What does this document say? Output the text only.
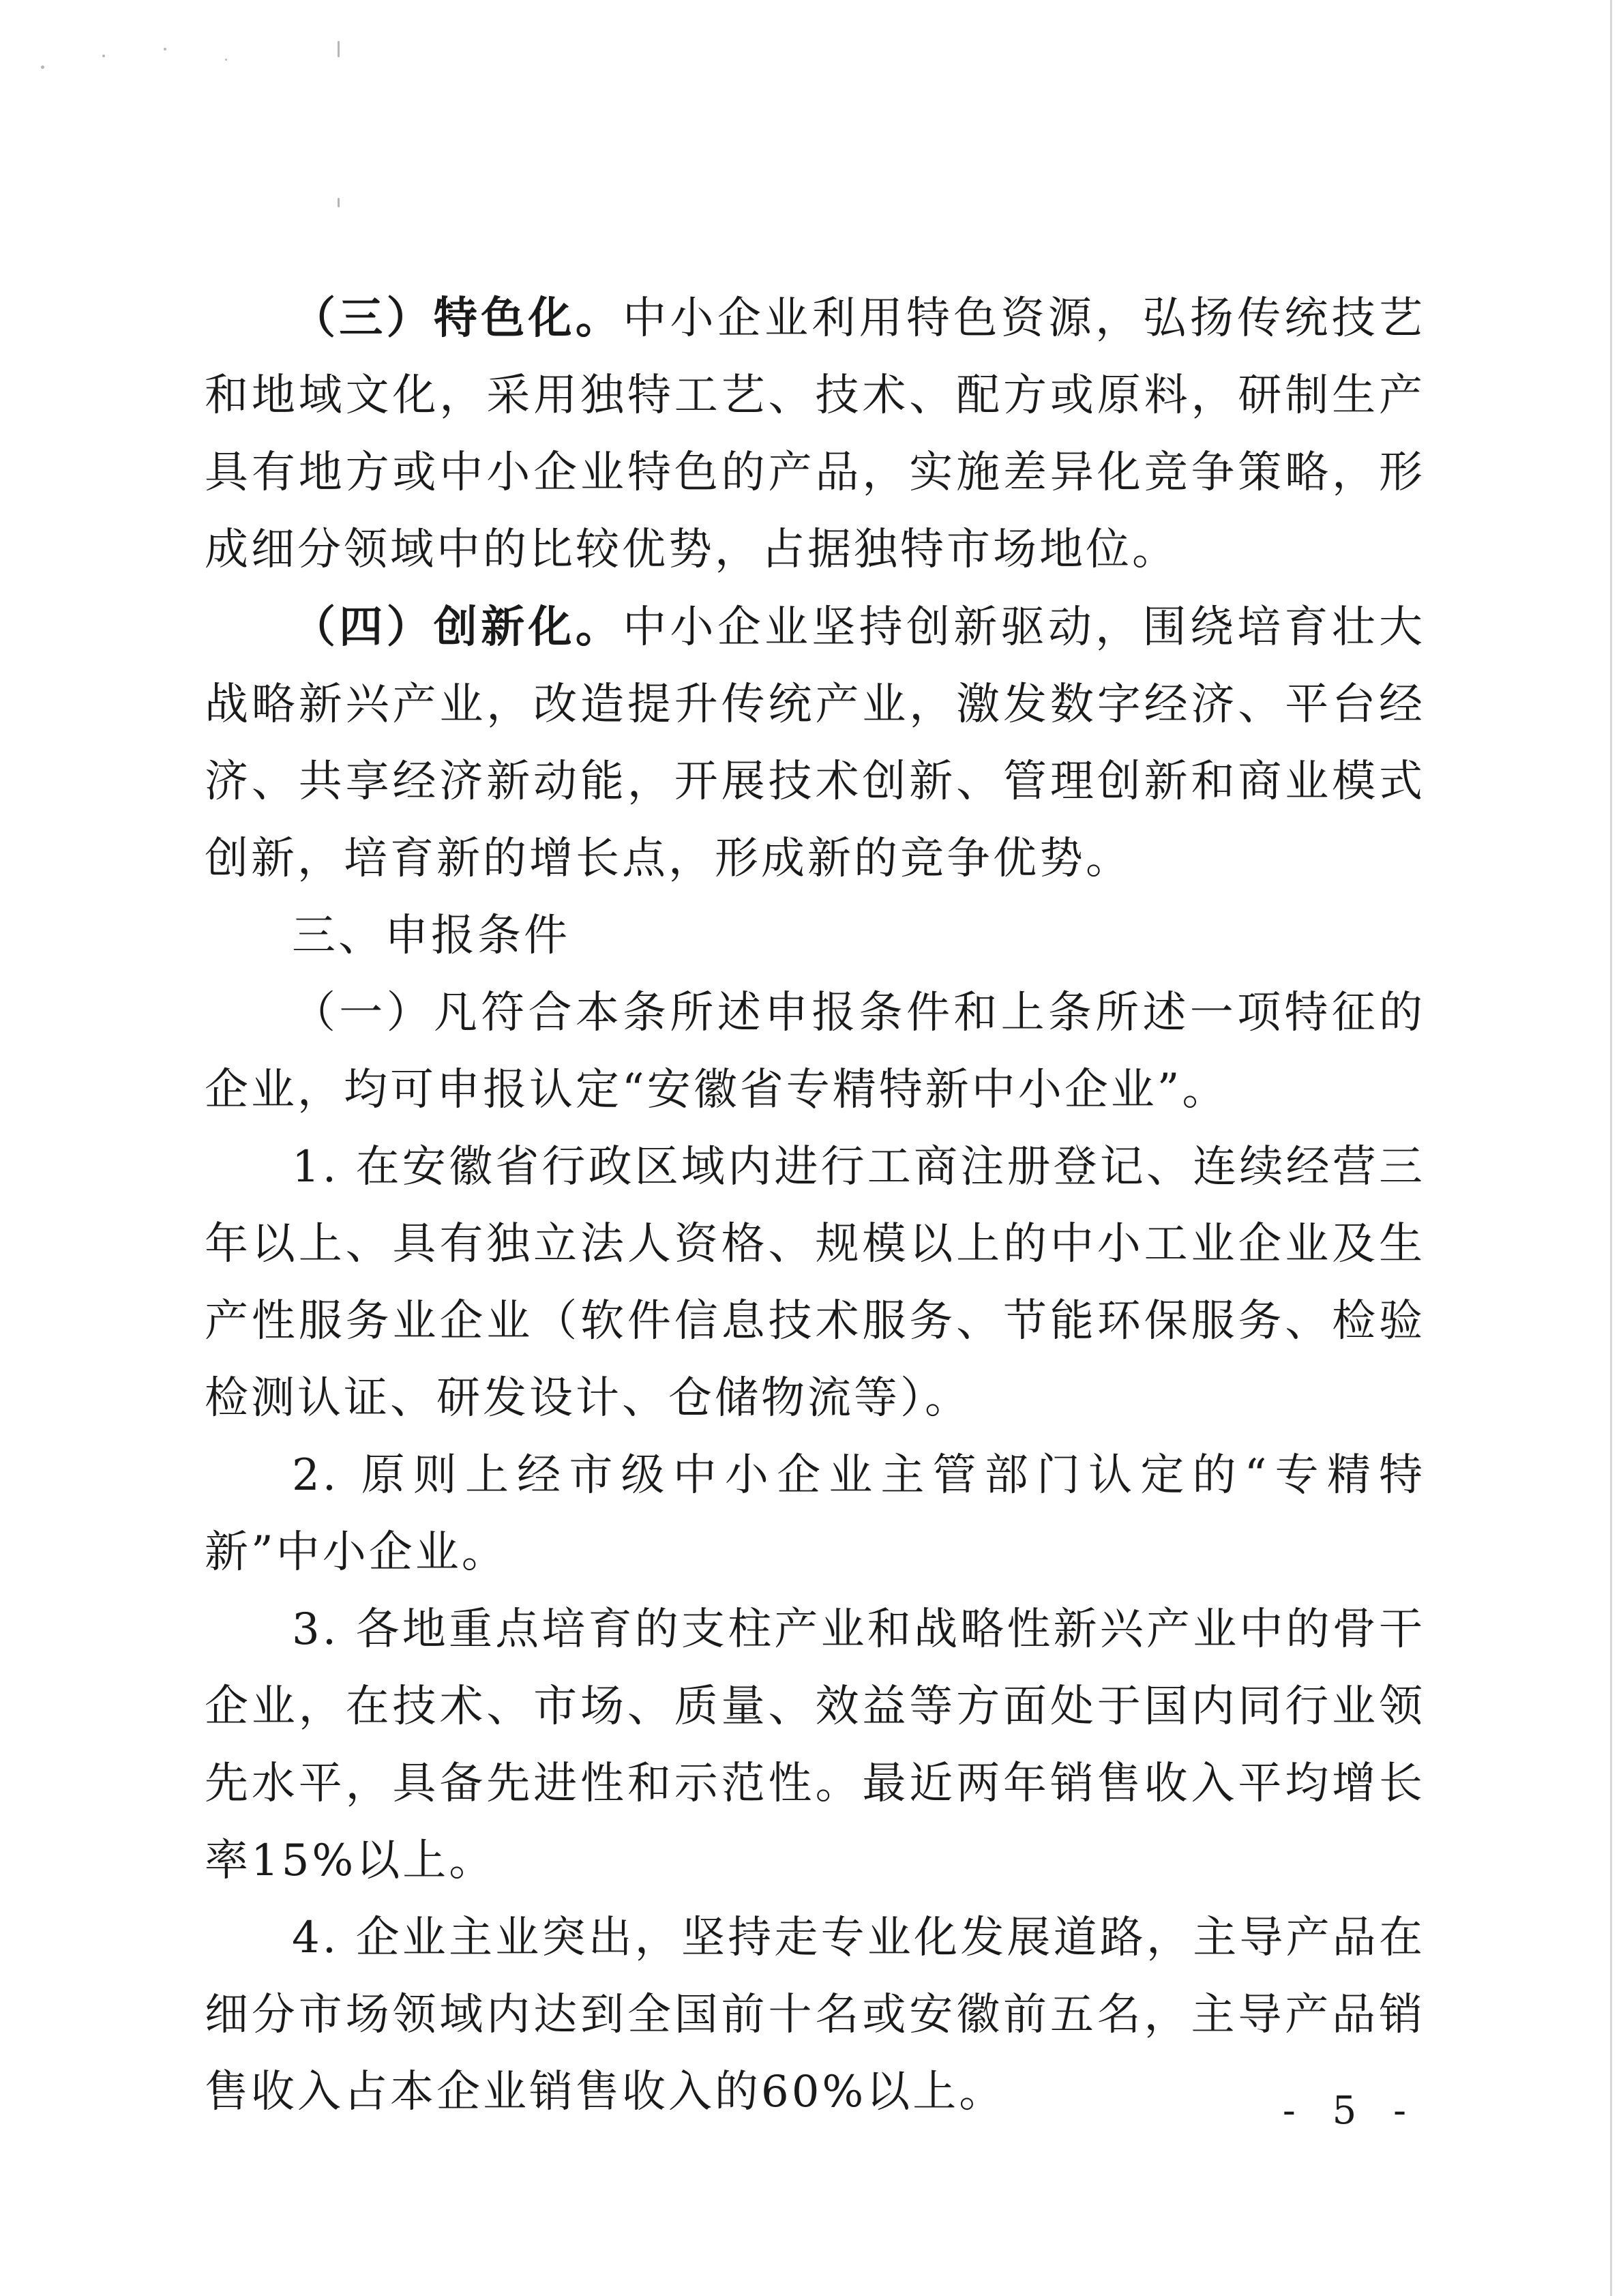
（三）特色化。中小企业利用特色资源，弘扬传统技艺和地域文化，采用独特工艺、技术、配方或原料，研制生产具有地方或中小企业特色的产品，实施差异化竞争策略，形成细分领域中的比较优势，占据独特市场地位。

（四）创新化。中小企业坚持创新驱动，围绕培育壮大战略新兴产业，改造提升传统产业，激发数字经济、平台经济、共享经济新动能，开展技术创新、管理创新和商业模式创新，培育新的增长点，形成新的竞争优势。

三、申报条件

（一）凡符合本条所述申报条件和上条所述一项特征的企业，均可申报认定“安徽省专精特新中小企业”。

1. 在安徽省行政区域内进行工商注册登记、连续经营三年以上、具有独立法人资格、规模以上的中小工业企业及生产性服务业企业（软件信息技术服务、节能环保服务、检验检测认证、研发设计、仓储物流等）。

2. 原则上经市级中小企业主管部门认定的“专精特新”中小企业。

3. 各地重点培育的支柱产业和战略性新兴产业中的骨干企业，在技术、市场、质量、效益等方面处于国内同行业领先水平，具备先进性和示范性。最近两年销售收入平均增长率15%以上。

4. 企业主业突出，坚持走专业化发展道路，主导产品在细分市场领域内达到全国前十名或安徽前五名，主导产品销售收入占本企业销售收入的60%以上。	- 5 -
